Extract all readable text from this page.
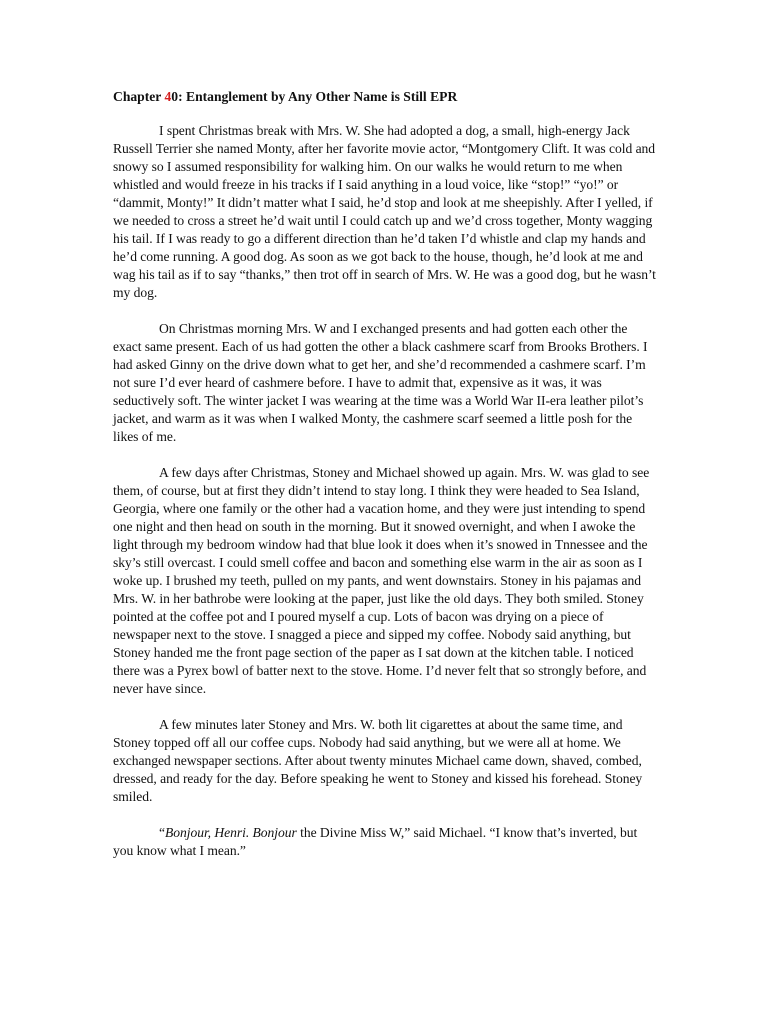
Chapter 40: Entanglement by Any Other Name is Still EPR

I spent Christmas break with Mrs. W. She had adopted a dog, a small, high-energy Jack Russell Terrier she named Monty, after her favorite movie actor, “Montgomery Clift. It was cold and snowy so I assumed responsibility for walking him. On our walks he would return to me when whistled and would freeze in his tracks if I said anything in a loud voice, like “stop!” “yo!” or “dammit, Monty!” It didn’t matter what I said, he’d stop and look at me sheepishly. After I yelled, if we needed to cross a street he’d wait until I could catch up and we’d cross together, Monty wagging his tail. If I was ready to go a different direction than he’d taken I’d whistle and clap my hands and he’d come running. A good dog. As soon as we got back to the house, though, he’d look at me and wag his tail as if to say “thanks,” then trot off in search of Mrs. W. He was a good dog, but he wasn’t my dog.

On Christmas morning Mrs. W and I exchanged presents and had gotten each other the exact same present. Each of us had gotten the other a black cashmere scarf from Brooks Brothers. I had asked Ginny on the drive down what to get her, and she’d recommended a cashmere scarf. I’m not sure I’d ever heard of cashmere before. I have to admit that, expensive as it was, it was seductively soft. The winter jacket I was wearing at the time was a World War II-era leather pilot’s jacket, and warm as it was when I walked Monty, the cashmere scarf seemed a little posh for the likes of me.

A few days after Christmas, Stoney and Michael showed up again. Mrs. W. was glad to see them, of course, but at first they didn’t intend to stay long. I think they were headed to Sea Island, Georgia, where one family or the other had a vacation home, and they were just intending to spend one night and then head on south in the morning. But it snowed overnight, and when I awoke the light through my bedroom window had that blue look it does when it’s snowed in Tnnessee and the sky’s still overcast. I could smell coffee and bacon and something else warm in the air as soon as I woke up. I brushed my teeth, pulled on my pants, and went downstairs. Stoney in his pajamas and Mrs. W. in her bathrobe were looking at the paper, just like the old days. They both smiled. Stoney pointed at the coffee pot and I poured myself a cup. Lots of bacon was drying on a piece of newspaper next to the stove. I snagged a piece and sipped my coffee. Nobody said anything, but Stoney handed me the front page section of the paper as I sat down at the kitchen table. I noticed there was a Pyrex bowl of batter next to the stove. Home. I’d never felt that so strongly before, and never have since.

A few minutes later Stoney and Mrs. W. both lit cigarettes at about the same time, and Stoney topped off all our coffee cups. Nobody had said anything, but we were all at home. We exchanged newspaper sections. After about twenty minutes Michael came down, shaved, combed, dressed, and ready for the day. Before speaking he went to Stoney and kissed his forehead. Stoney smiled.

“Bonjour, Henri. Bonjour the Divine Miss W,” said Michael. “I know that’s inverted, but you know what I mean.”
